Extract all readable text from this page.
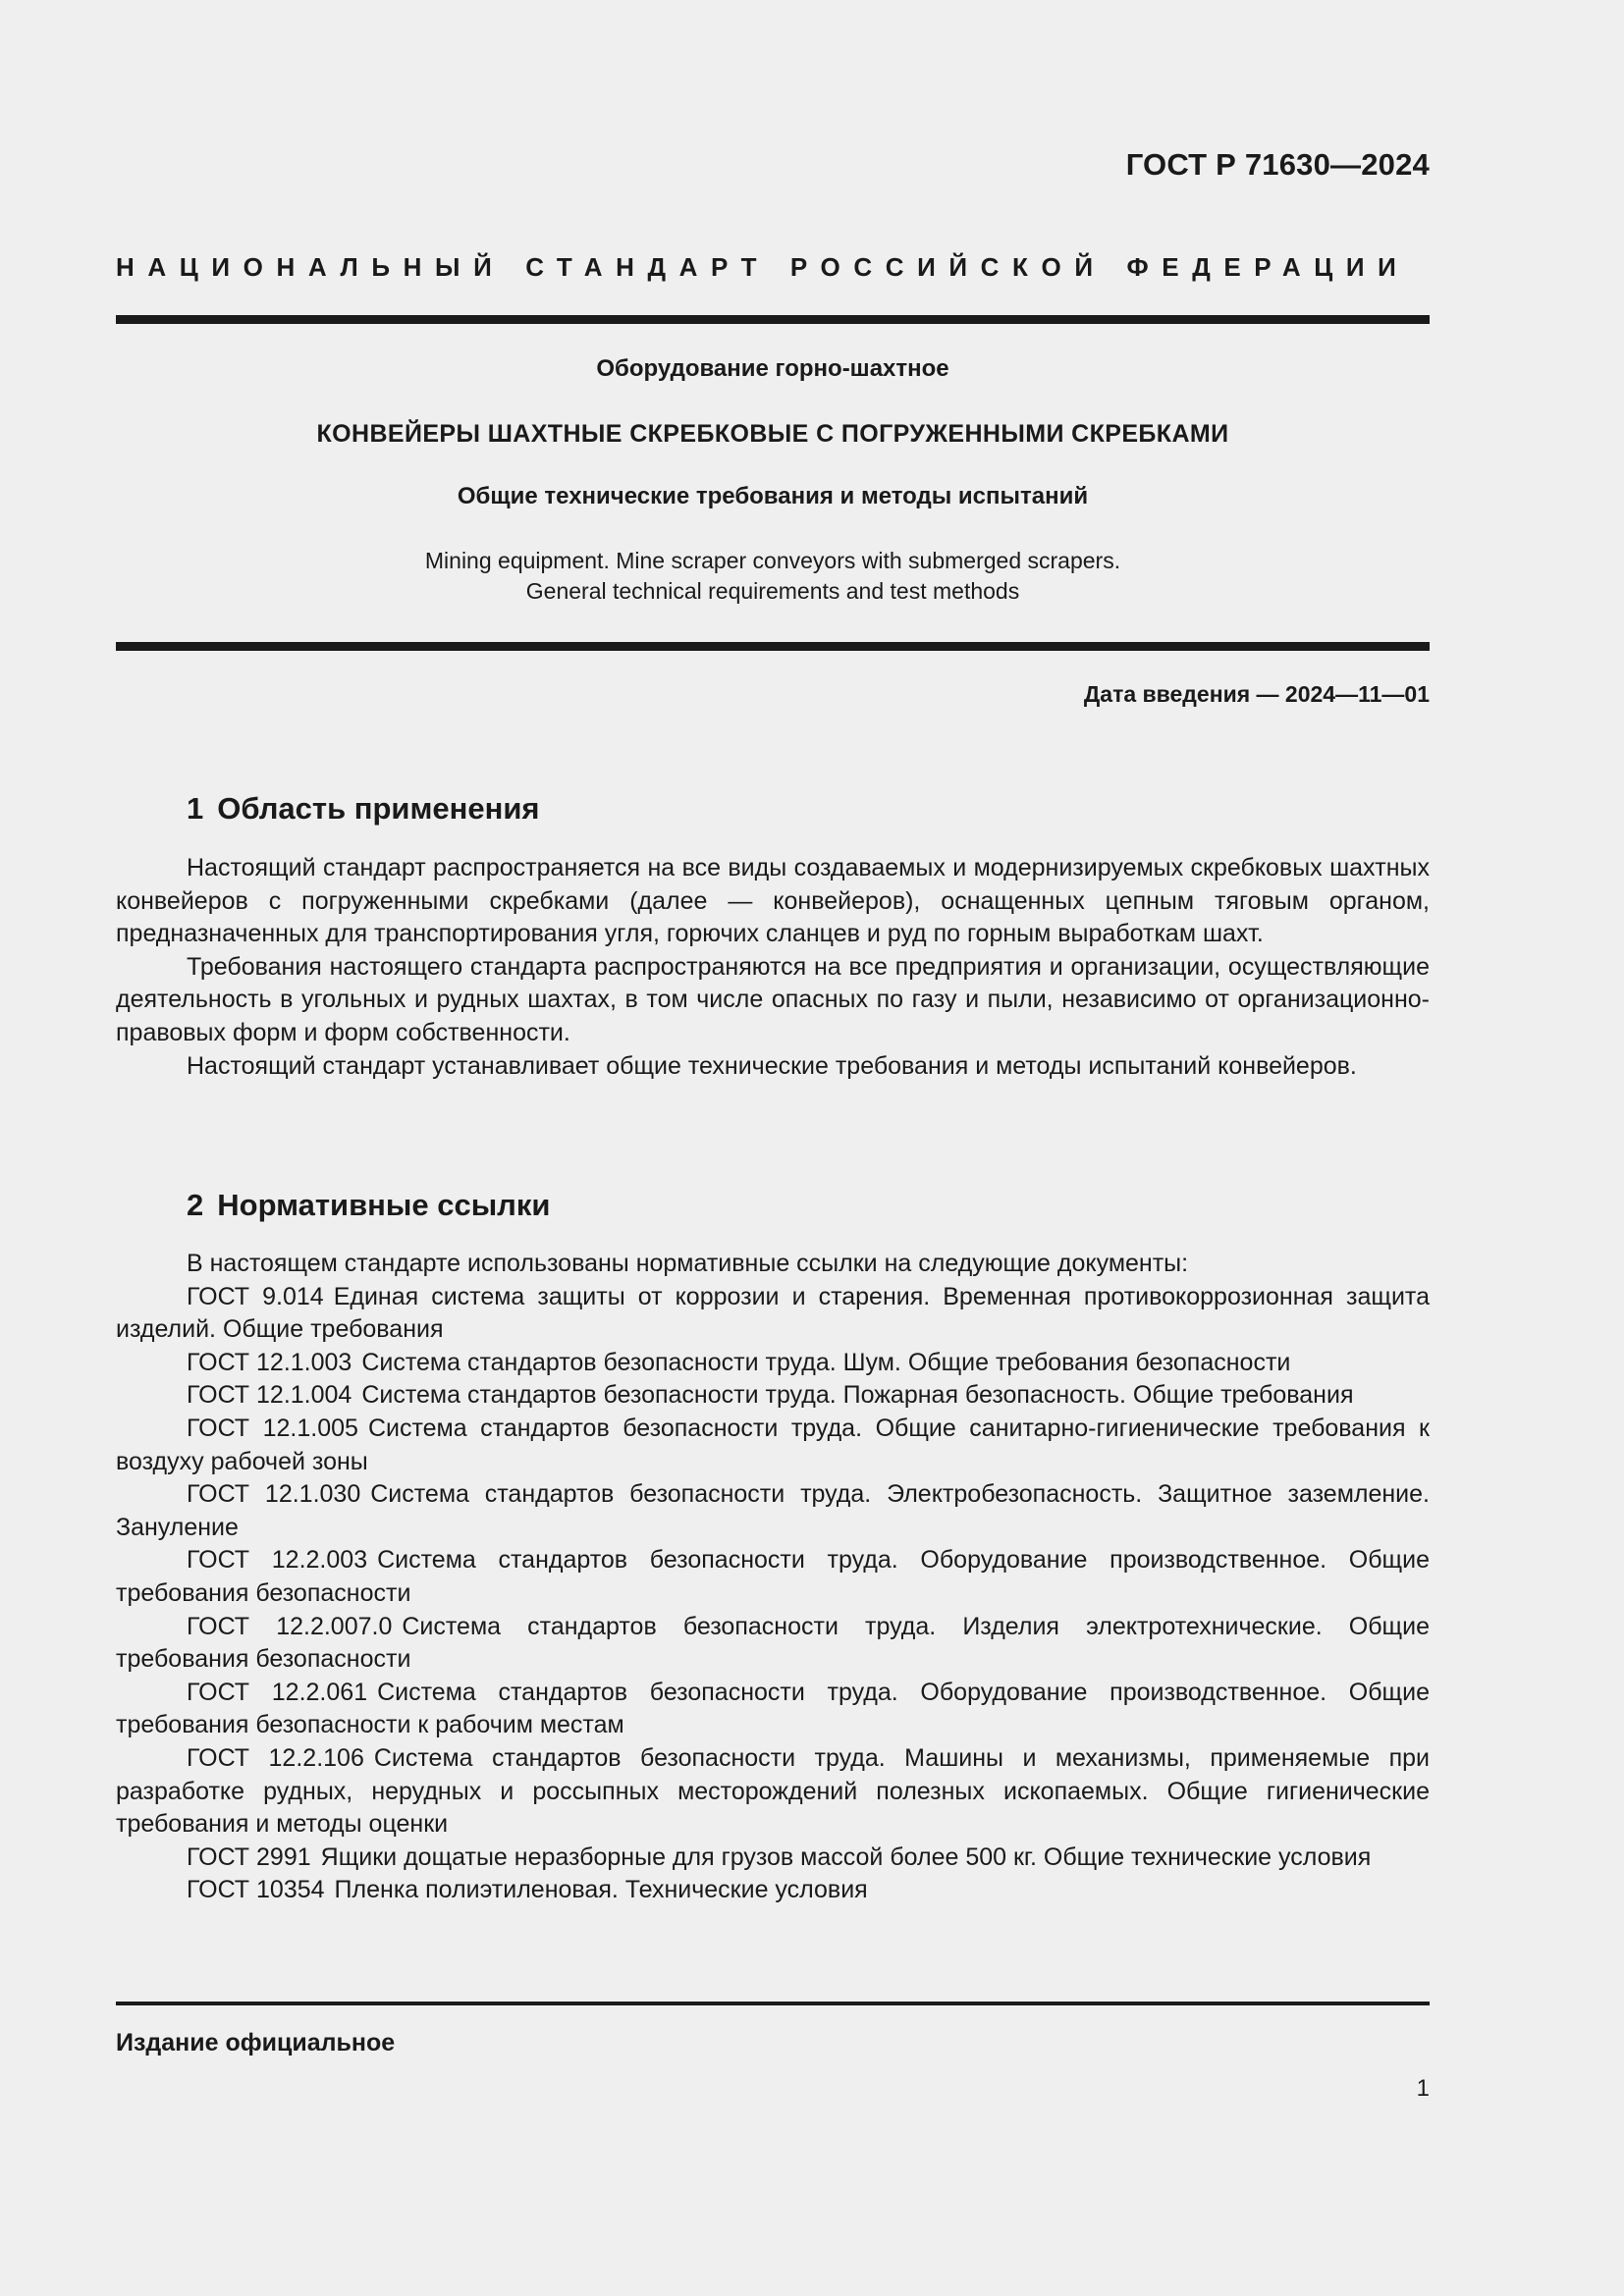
ГОСТ Р 71630—2024
НАЦИОНАЛЬНЫЙ СТАНДАРТ РОССИЙСКОЙ ФЕДЕРАЦИИ
Оборудование горно-шахтное
КОНВЕЙЕРЫ ШАХТНЫЕ СКРЕБКОВЫЕ С ПОГРУЖЕННЫМИ СКРЕБКАМИ
Общие технические требования и методы испытаний
Mining equipment. Mine scraper conveyors with submerged scrapers.
General technical requirements and test methods
Дата введения — 2024—11—01
1 Область применения

Настоящий стандарт распространяется на все виды создаваемых и модернизируемых скребковых шахтных конвейеров с погруженными скребками (далее — конвейеров), оснащенных цепным тяговым органом, предназначенных для транспортирования угля, горючих сланцев и руд по горным выработкам шахт.

Требования настоящего стандарта распространяются на все предприятия и организации, осуществляющие деятельность в угольных и рудных шахтах, в том числе опасных по газу и пыли, независимо от организационно-правовых форм и форм собственности.

Настоящий стандарт устанавливает общие технические требования и методы испытаний конвейеров.

2 Нормативные ссылки

В настоящем стандарте использованы нормативные ссылки на следующие документы:

ГОСТ 9.014 Единая система защиты от коррозии и старения. Временная противокоррозионная защита изделий. Общие требования

ГОСТ 12.1.003 Система стандартов безопасности труда. Шум. Общие требования безопасности

ГОСТ 12.1.004 Система стандартов безопасности труда. Пожарная безопасность. Общие требования

ГОСТ 12.1.005 Система стандартов безопасности труда. Общие санитарно-гигиенические требования к воздуху рабочей зоны

ГОСТ 12.1.030 Система стандартов безопасности труда. Электробезопасность. Защитное заземление. Зануление

ГОСТ 12.2.003 Система стандартов безопасности труда. Оборудование производственное. Общие требования безопасности

ГОСТ 12.2.007.0 Система стандартов безопасности труда. Изделия электротехнические. Общие требования безопасности

ГОСТ 12.2.061 Система стандартов безопасности труда. Оборудование производственное. Общие требования безопасности к рабочим местам

ГОСТ 12.2.106 Система стандартов безопасности труда. Машины и механизмы, применяемые при разработке рудных, нерудных и россыпных месторождений полезных ископаемых. Общие гигиенические требования и методы оценки

ГОСТ 2991 Ящики дощатые неразборные для грузов массой более 500 кг. Общие технические условия

ГОСТ 10354 Пленка полиэтиленовая. Технические условия

Издание официальное
1
